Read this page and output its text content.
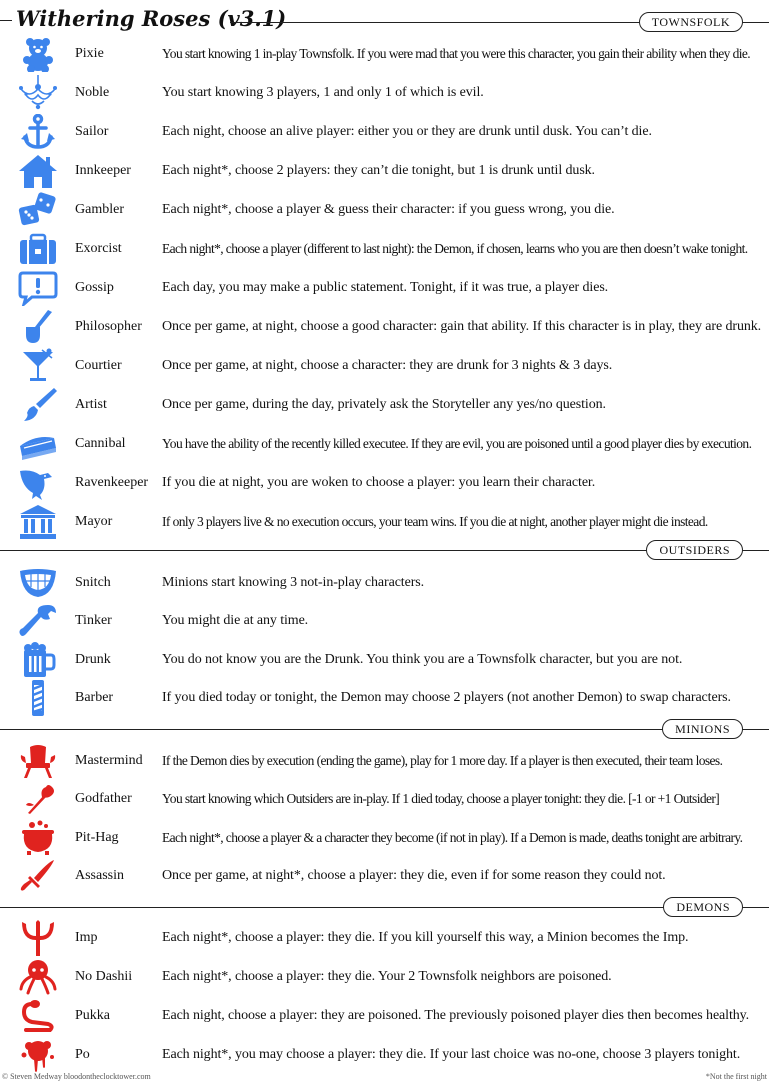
Withering Roses (v3.1)	TOWNSFOLK
OUTSIDERS
MINIONS
DEMONS
Pixie	You start knowing 1 in-play Townsfolk. If you were mad that you were this character, you gain their ability when they die.
Noble	You start knowing 3 players, 1 and only 1 of which is evil.
Sailor	Each night, choose an alive player: either you or they are drunk until dusk. You can’t die.
Innkeeper Each night*, choose 2 players: they can’t die tonight, but 1 is drunk until dusk.
Gambler	Each night*, choose a player & guess their character: if you guess wrong, you die.
Exorcist	Each night*, choose a player (different to last night): the Demon, if chosen, learns who you are then doesn’t wake tonight.
Gossip	Each day, you may make a public statement. Tonight, if it was true, a player dies.
Philosopher Once per game, at night, choose a good character: gain that ability. If this character is in play, they are drunk.
Courtier	Once per game, at night, choose a character: they are drunk for 3 nights & 3 days.
Artist	Once per game, during the day, privately ask the Storyteller any yes/no question.
Cannibal	You have the ability of the recently killed executee. If they are evil, you are poisoned until a good player dies by execution.
Ravenkeeper If you die at night, you are woken to choose a player: you learn their character.
Mayor	If only 3 players live & no execution occurs, your team wins. If you die at night, another player might die instead.
Snitch	Minions start knowing 3 not-in-play characters.
Tinker	You might die at any time.
Drunk	You do not know you are the Drunk. You think you are a Townsfolk character, but you are not.
Barber	If you died today or tonight, the Demon may choose 2 players (not another Demon) to swap characters.
Mastermind If the Demon dies by execution (ending the game), play for 1 more day. If a player is then executed, their team loses.
Godfather You start knowing which Outsiders are in-play. If 1 died today, choose a player tonight: they die. [-1 or +1 Outsider]
Pit-Hag	Each night*, choose a player & a character they become (if not in play). If a Demon is made, deaths tonight are arbitrary.
Assassin	Once per game, at night*, choose a player: they die, even if for some reason they could not.
Imp	Each night*, choose a player: they die. If you kill yourself this way, a Minion becomes the Imp.
No Dashii Each night*, choose a player: they die. Your 2 Townsfolk neighbors are poisoned.
Pukka	Each night, choose a player: they are poisoned. The previously poisoned player dies then becomes healthy.
Po	Each night*, you may choose a player: they die. If your last choice was no-one, choose 3 players tonight.
© Steven Medway bloodontheclocktower.com	*Not the first night
